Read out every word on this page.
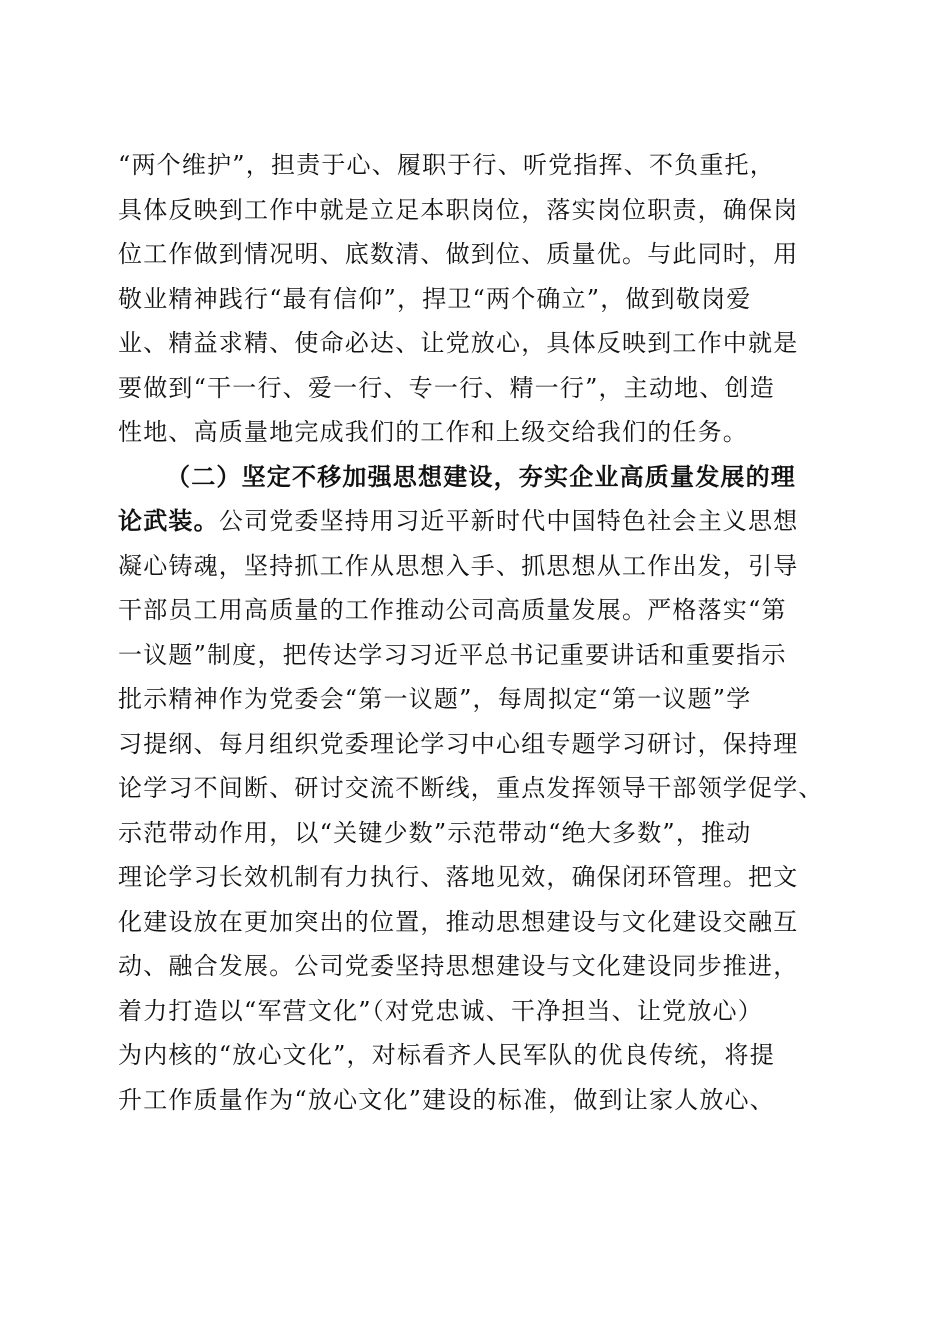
“两个维护”，担责于心、履职于行、听党指挥、不负重托，
具体反映到工作中就是立足本职岗位，落实岗位职责，确保岗
位工作做到情况明、底数清、做到位、质量优。与此同时，用
敬业精神践行“最有信仰”，捍卫“两个确立”，做到敬岗爱
业、精益求精、使命必达、让党放心，具体反映到工作中就是
要做到“干一行、爱一行、专一行、精一行”，主动地、创造
性地、高质量地完成我们的工作和上级交给我们的任务。
（二）坚定不移加强思想建设，夯实企业高质量发展的理
论武装。公司党委坚持用习近平新时代中国特色社会主义思想
凝心铸魂，坚持抓工作从思想入手、抓思想从工作出发，引导
干部员工用高质量的工作推动公司高质量发展。严格落实“第
一议题”制度，把传达学习习近平总书记重要讲话和重要指示
批示精神作为党委会“第一议题”，每周拟定“第一议题”学
习提纲、每月组织党委理论学习中心组专题学习研讨，保持理
论学习不间断、研讨交流不断线，重点发挥领导干部领学促学、
示范带动作用，以“关键少数”示范带动“绝大多数”，推动
理论学习长效机制有力执行、落地见效，确保闭环管理。把文
化建设放在更加突出的位置，推动思想建设与文化建设交融互
动、融合发展。公司党委坚持思想建设与文化建设同步推进，
着力打造以“军营文化”（对党忠诚、干净担当、让党放心）
为内核的“放心文化”，对标看齐人民军队的优良传统，将提
升工作质量作为“放心文化”建设的标准，做到让家人放心、
